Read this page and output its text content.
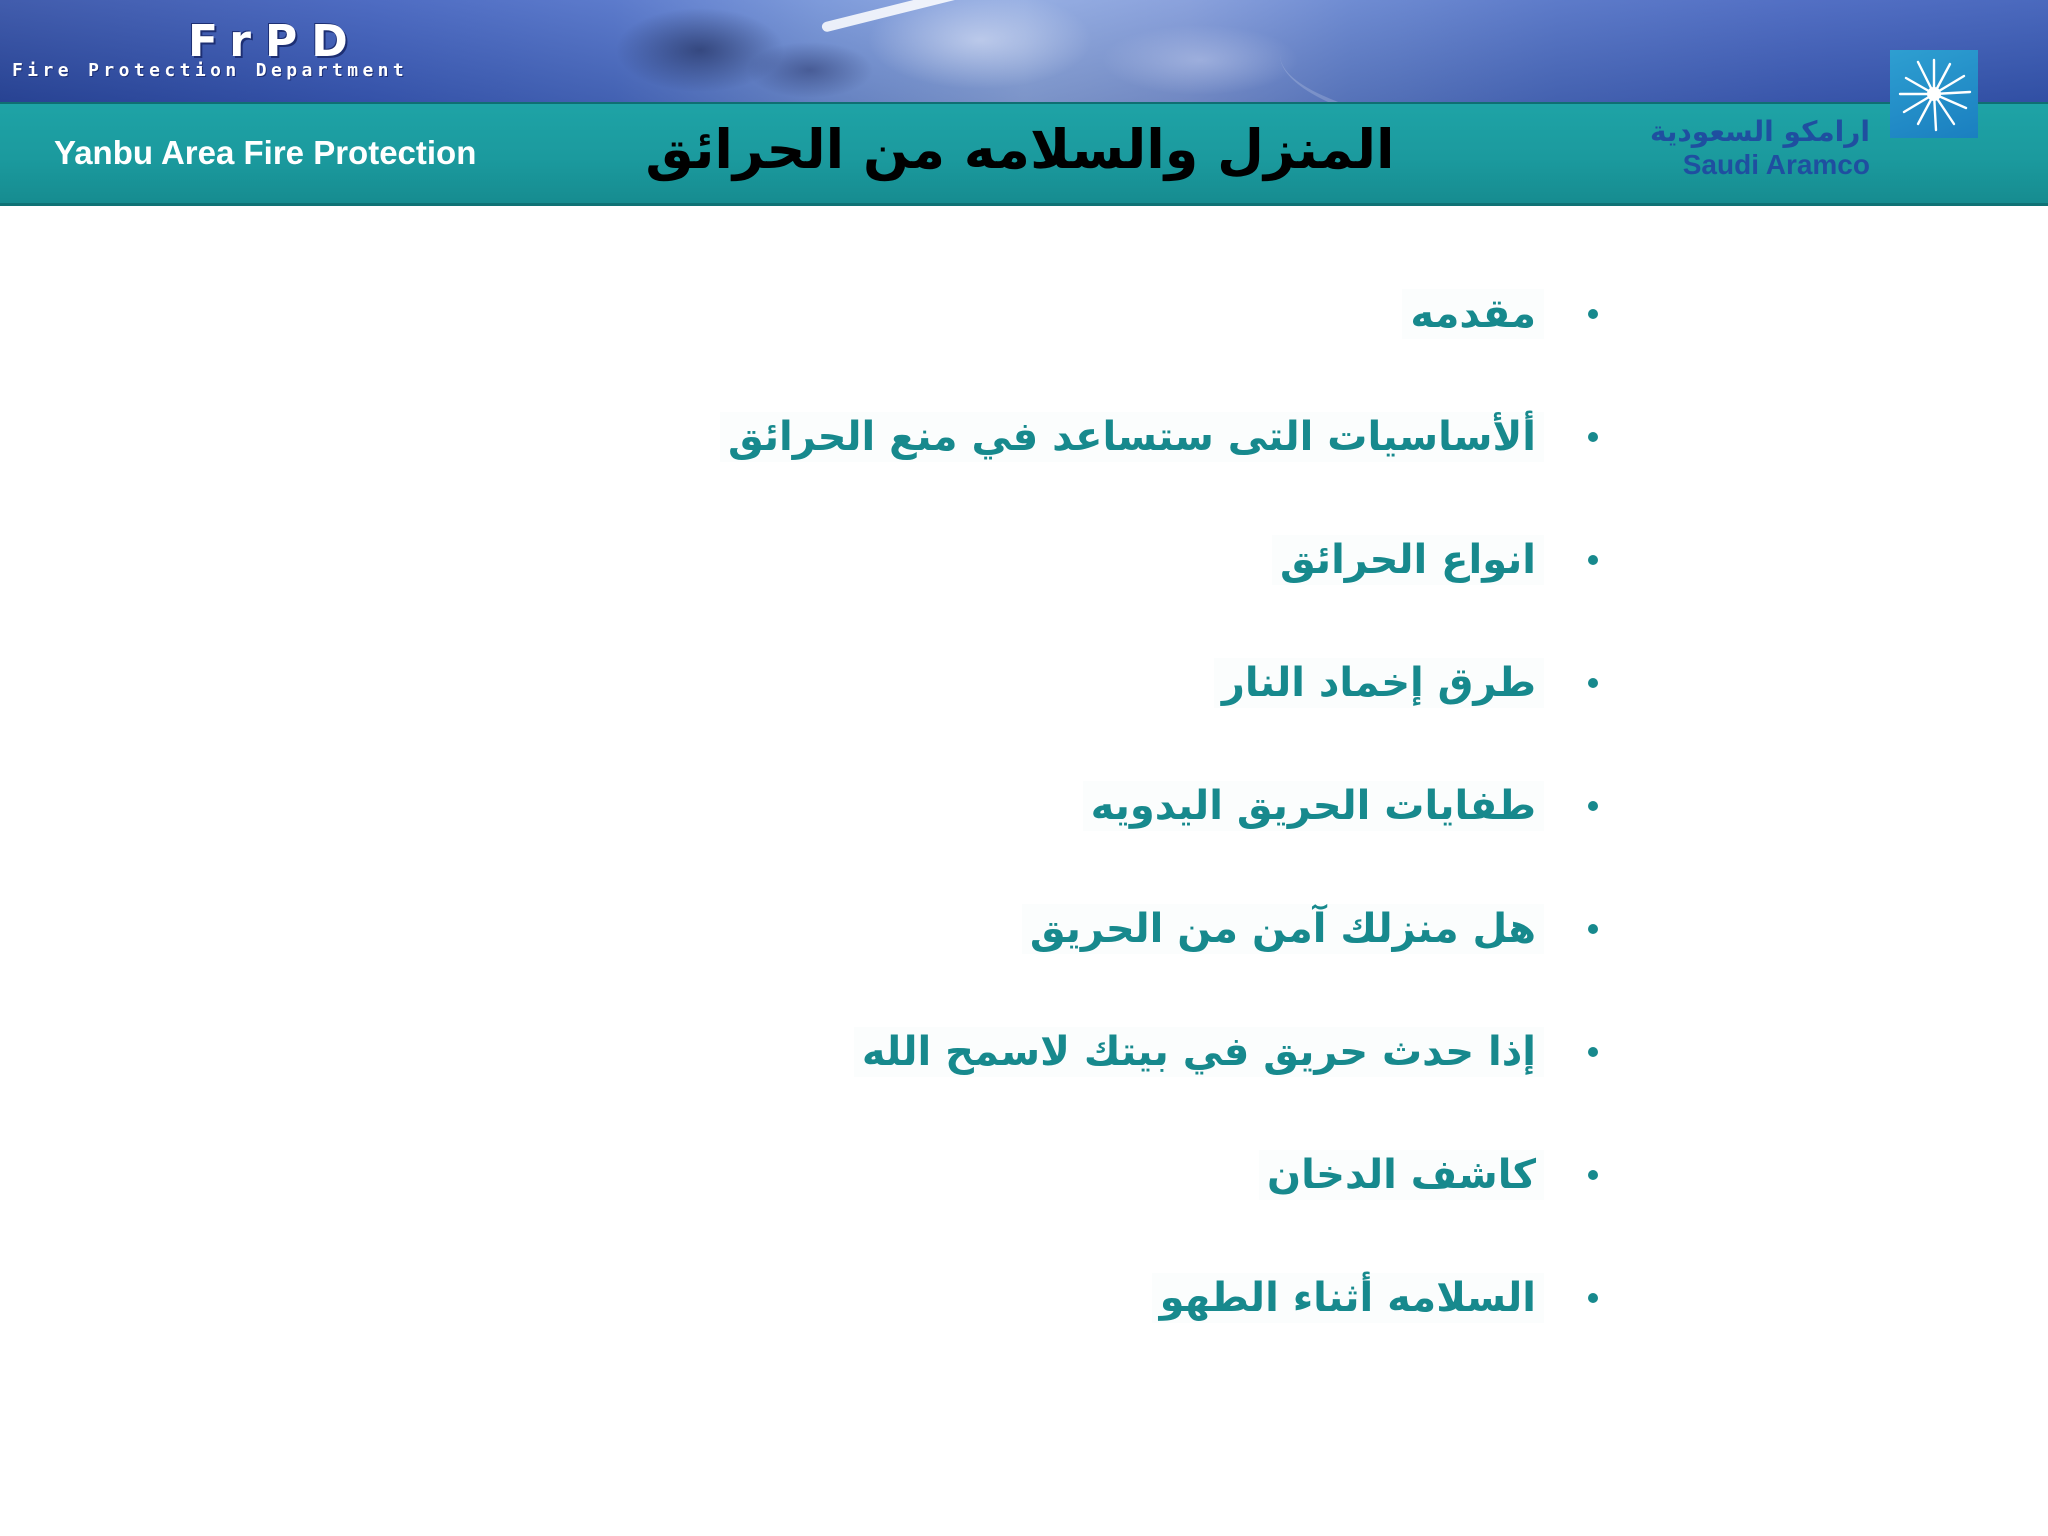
FrPD
Fire Protection Department
Yanbu Area Fire Protection	المنزل والسلامه من الحرائق	ارامكو السعودية
Saudi Aramco
مقدمه
ألأساسيات التى ستساعد في منع الحرائق
انواع الحرائق
طرق إخماد النار
طفايات الحريق اليدويه
هل منزلك آمن من الحريق
إذا حدث حريق في بيتك لاسمح الله
كاشف الدخان
السلامه أثناء الطهو
